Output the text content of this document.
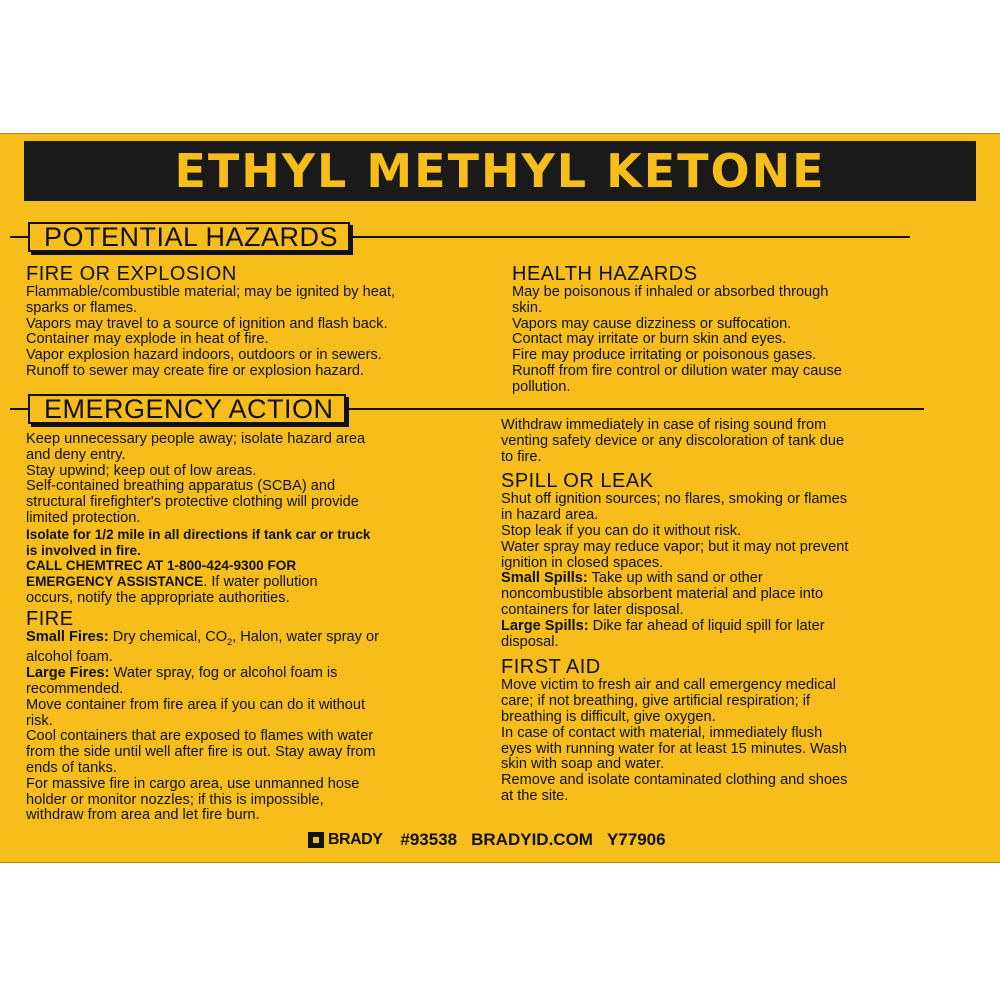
ETHYL METHYL KETONE
POTENTIAL HAZARDS
FIRE OR EXPLOSION

Flammable/combustible material; may be ignited by heat,

sparks or flames.

Vapors may travel to a source of ignition and flash back.

Container may explode in heat of fire.

Vapor explosion hazard indoors, outdoors or in sewers.

Runoff to sewer may create fire or explosion hazard.

HEALTH HAZARDS

May be poisonous if inhaled or absorbed through

skin.

Vapors may cause dizziness or suffocation.

Contact may irritate or burn skin and eyes.

Fire may produce irritating or poisonous gases.

Runoff from fire control or dilution water may cause

pollution.

EMERGENCY ACTION

Keep unnecessary people away; isolate hazard area

and deny entry.

Stay upwind; keep out of low areas.

Self-contained breathing apparatus (SCBA) and

structural firefighter's protective clothing will provide

limited protection.

Isolate for 1/2 mile in all directions if tank car or truck

is involved in fire.

CALL CHEMTREC AT 1-800-424-9300 FOR

EMERGENCY ASSISTANCE. If water pollution

occurs, notify the appropriate authorities.

FIRE

Small Fires: Dry chemical, $CO_2$, Halon, water spray or

alcohol foam.

Large Fires: Water spray, fog or alcohol foam is

recommended.

Move container from fire area if you can do it without

risk.

Cool containers that are exposed to flames with water

from the side until well after fire is out. Stay away from

ends of tanks.

For massive fire in cargo area, use unmanned hose

holder or monitor nozzles; if this is impossible,

withdraw from area and let fire burn.

Withdraw immediately in case of rising sound from

venting safety device or any discoloration of tank due

to fire.

SPILL OR LEAK

Shut off ignition sources; no flares, smoking or flames

in hazard area.

Stop leak if you can do it without risk.

Water spray may reduce vapor; but it may not prevent

ignition in closed spaces.

Small Spills: Take up with sand or other

noncombustible absorbent material and place into

containers for later disposal.

Large Spills: Dike far ahead of liquid spill for later

disposal.

FIRST AID

Move victim to fresh air and call emergency medical

care; if not breathing, give artificial respiration; if

breathing is difficult, give oxygen.

In case of contact with material, immediately flush

eyes with running water for at least 15 minutes. Wash

skin with soap and water.

Remove and isolate contaminated clothing and shoes

at the site.

BRADY #93538 BRADYID.COM Y77906
